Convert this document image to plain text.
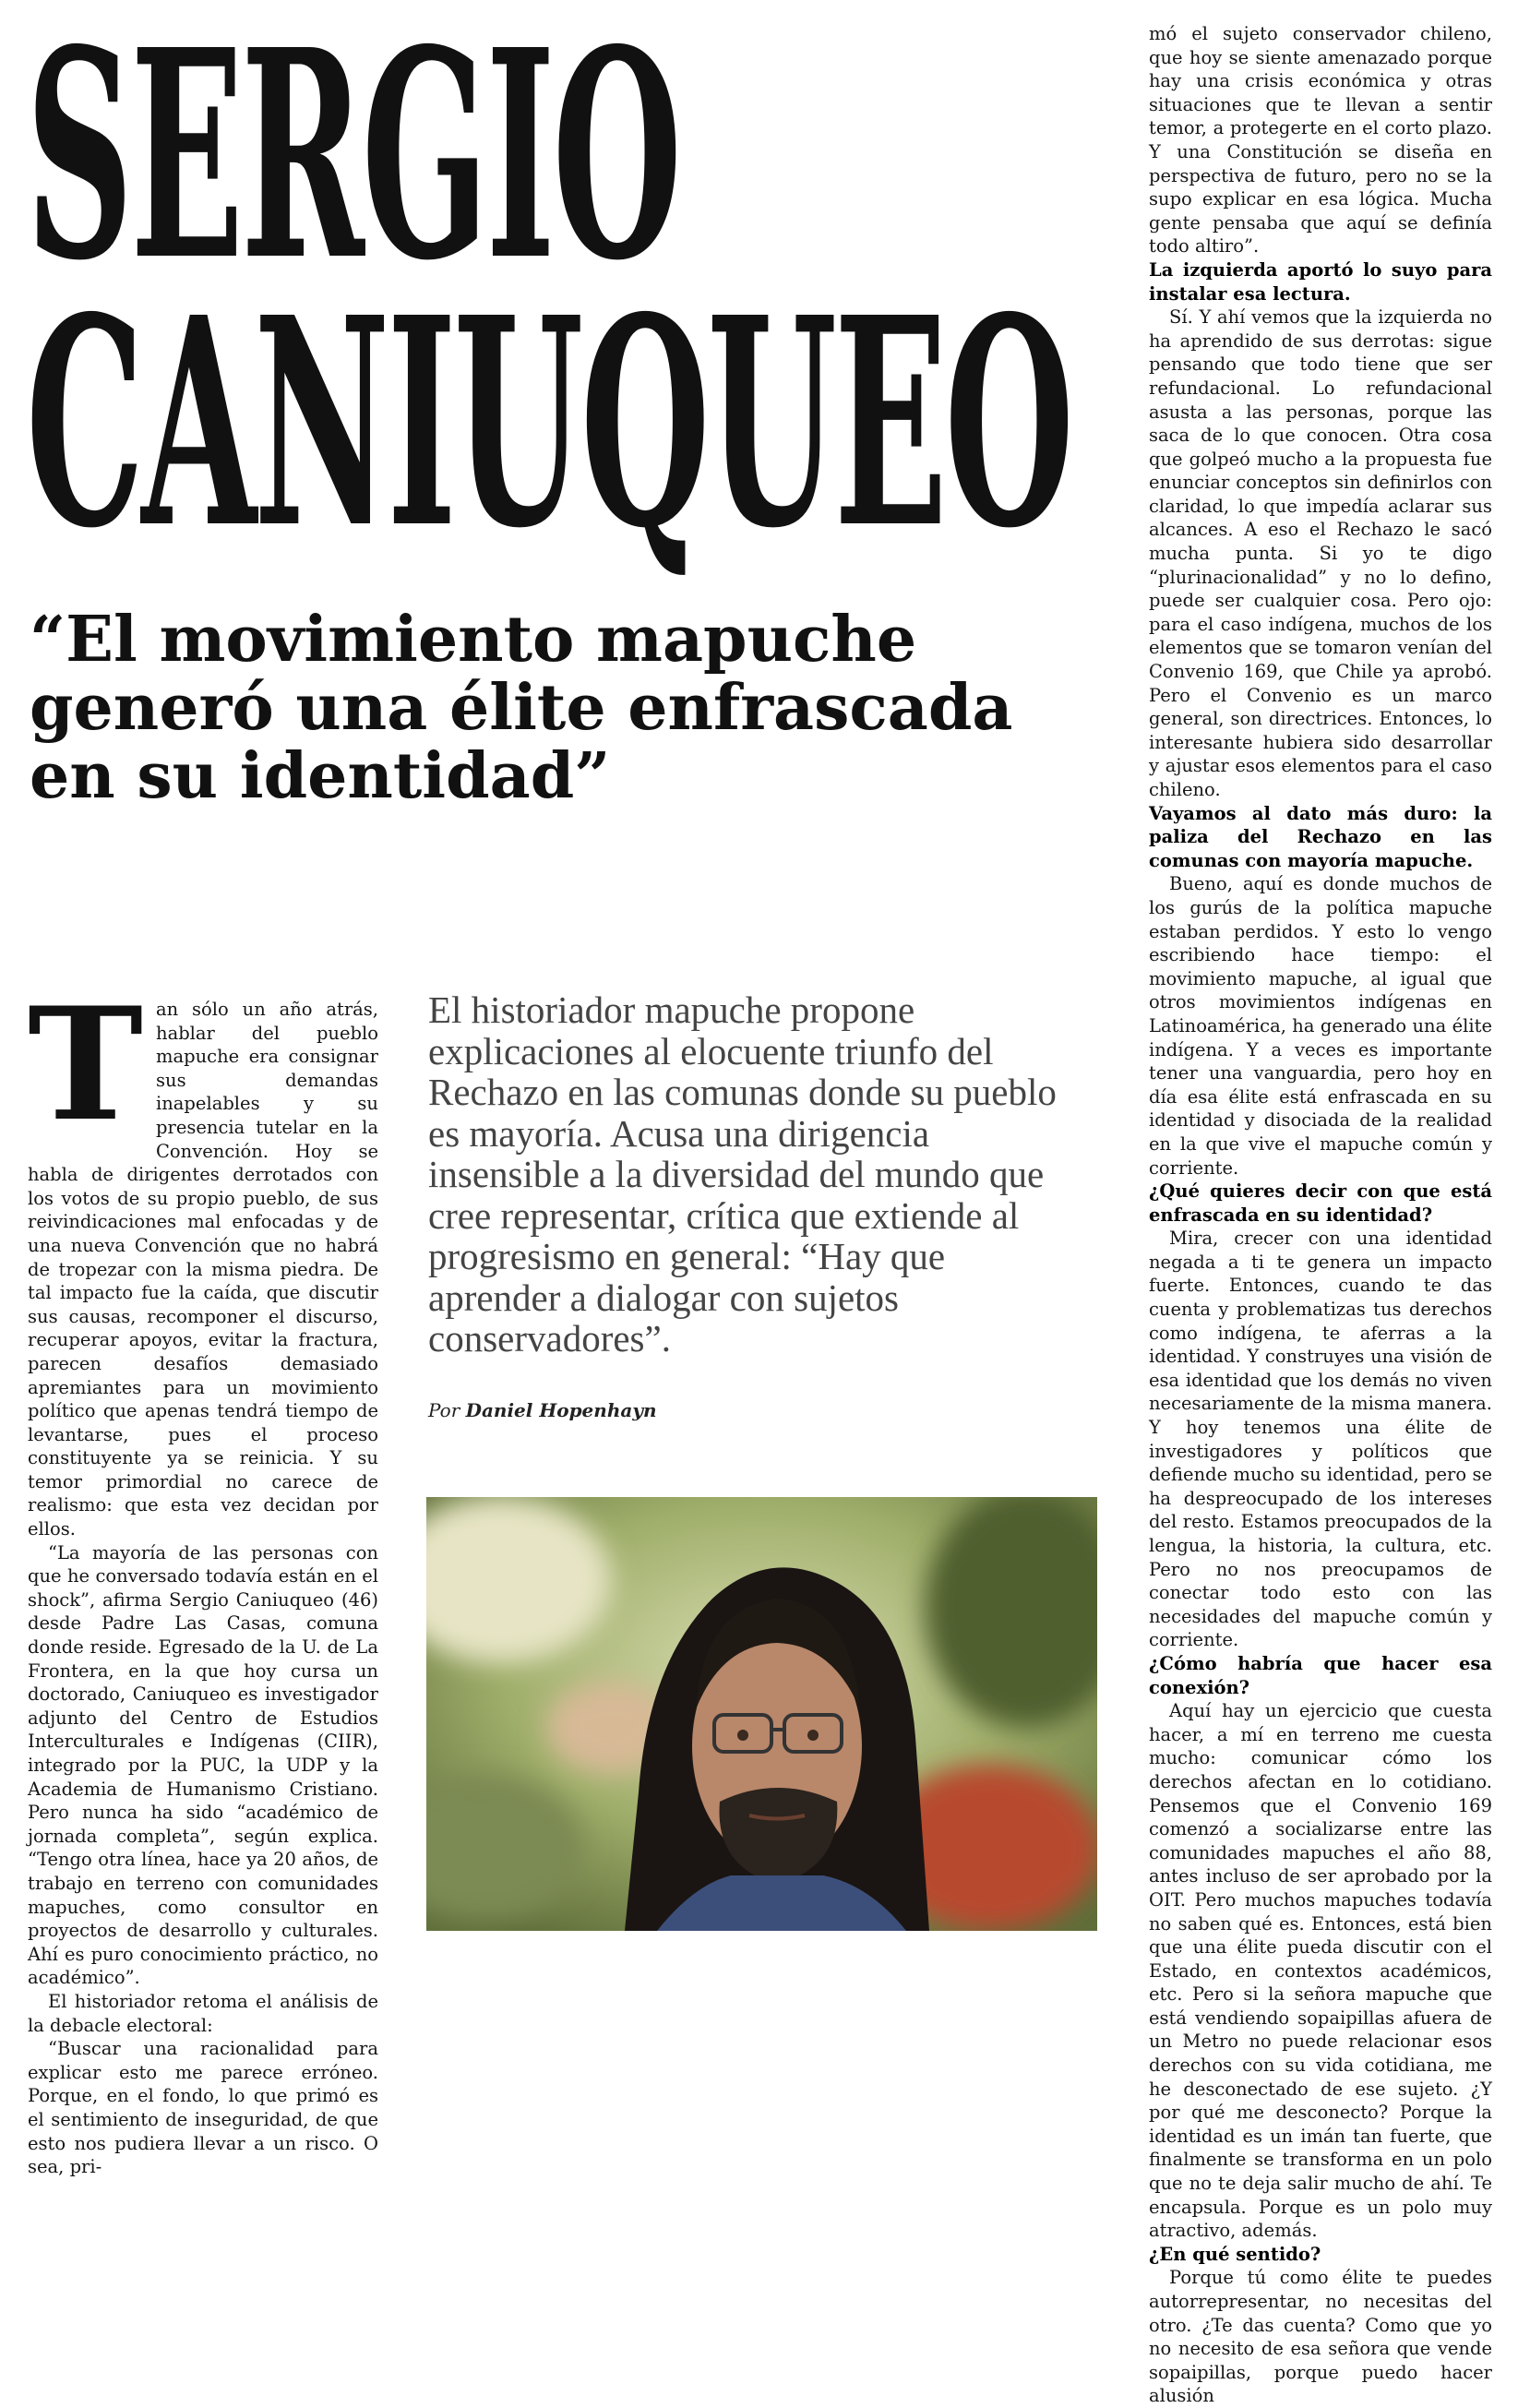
SERGIO
CANIUQUEO
“El movimiento mapuche
generó una élite enfrascada
en su identidad”
T an sólo un año atrás, hablar del pueblo mapuche era consignar sus demandas inapelables y su presencia tutelar en la Convención. Hoy se habla de dirigentes derrotados con los votos de su propio pueblo, de sus reivindicaciones mal enfocadas y de una nueva Convención que no habrá de tropezar con la misma piedra. De tal impacto fue la caída, que discutir sus causas, recomponer el discurso, recuperar apoyos, evitar la fractura, parecen desafíos demasiado apremiantes para un movimiento político que apenas tendrá tiempo de levantarse, pues el proceso constituyente ya se reinicia. Y su temor primordial no carece de realismo: que esta vez decidan por ellos.

“La mayoría de las personas con que he conversado todavía están en el shock”, afirma Sergio Caniuqueo (46) desde Padre Las Casas, comuna donde reside. Egresado de la U. de La Frontera, en la que hoy cursa un doctorado, Caniuqueo es investigador adjunto del Centro de Estudios Interculturales e Indígenas (CIIR), integrado por la PUC, la UDP y la Academia de Humanismo Cristiano. Pero nunca ha sido “académico de jornada completa”, según explica. “Tengo otra línea, hace ya 20 años, de trabajo en terreno con comunidades mapuches, como consultor en proyectos de desarrollo y culturales. Ahí es puro conocimiento práctico, no académico”.

El historiador retoma el análisis de la debacle electoral:

“Buscar una racionalidad para explicar esto me parece erróneo. Porque, en el fondo, lo que primó es el sentimiento de inseguridad, de que esto nos pudiera llevar a un risco. O sea, pri-

El historiador mapuche propone
explicaciones al elocuente triunfo del
Rechazo en las comunas donde su pueblo
es mayoría. Acusa una dirigencia
insensible a la diversidad del mundo que
cree representar, crítica que extiende al
progresismo en general: “Hay que
aprender a dialogar con sujetos
conservadores”.

Por Daniel Hopenhayn

mó el sujeto conservador chileno, que hoy se siente amenazado porque hay una crisis económica y otras situaciones que te llevan a sentir temor, a protegerte en el corto plazo. Y una Constitución se diseña en perspectiva de futuro, pero no se la supo explicar en esa lógica. Mucha gente pensaba que aquí se definía todo altiro”.

La izquierda aportó lo suyo para instalar esa lectura.

Sí. Y ahí vemos que la izquierda no ha aprendido de sus derrotas: sigue pensando que todo tiene que ser refundacional. Lo refundacional asusta a las personas, porque las saca de lo que conocen. Otra cosa que golpeó mucho a la propuesta fue enunciar conceptos sin definirlos con claridad, lo que impedía aclarar sus alcances. A eso el Rechazo le sacó mucha punta. Si yo te digo “plurinacionalidad” y no lo defino, puede ser cualquier cosa. Pero ojo: para el caso indígena, muchos de los elementos que se tomaron venían del Convenio 169, que Chile ya aprobó. Pero el Convenio es un marco general, son directrices. Entonces, lo interesante hubiera sido desarrollar y ajustar esos elementos para el caso chileno.

Vayamos al dato más duro: la paliza del Rechazo en las comunas con mayoría mapuche.

Bueno, aquí es donde muchos de los gurús de la política mapuche estaban perdidos. Y esto lo vengo escribiendo hace tiempo: el movimiento mapuche, al igual que otros movimientos indígenas en Latinoamérica, ha generado una élite indígena. Y a veces es importante tener una vanguardia, pero hoy en día esa élite está enfrascada en su identidad y disociada de la realidad en la que vive el mapuche común y corriente.

¿Qué quieres decir con que está enfrascada en su identidad?

Mira, crecer con una identidad negada a ti te genera un impacto fuerte. Entonces, cuando te das cuenta y problematizas tus derechos como indígena, te aferras a la identidad. Y construyes una visión de esa identidad que los demás no viven necesariamente de la misma manera. Y hoy tenemos una élite de investigadores y políticos que defiende mucho su identidad, pero se ha despreocupado de los intereses del resto. Estamos preocupados de la lengua, la historia, la cultura, etc. Pero no nos preocupamos de conectar todo esto con las necesidades del mapuche común y corriente.

¿Cómo habría que hacer esa conexión?

Aquí hay un ejercicio que cuesta hacer, a mí en terreno me cuesta mucho: comunicar cómo los derechos afectan en lo cotidiano. Pensemos que el Convenio 169 comenzó a socializarse entre las comunidades mapuches el año 88, antes incluso de ser aprobado por la OIT. Pero muchos mapuches todavía no saben qué es. Entonces, está bien que una élite pueda discutir con el Estado, en contextos académicos, etc. Pero si la señora mapuche que está vendiendo sopaipillas afuera de un Metro no puede relacionar esos derechos con su vida cotidiana, me he desconectado de ese sujeto. ¿Y por qué me desconecto? Porque la identidad es un imán tan fuerte, que finalmente se transforma en un polo que no te deja salir mucho de ahí. Te encapsula. Porque es un polo muy atractivo, además.

¿En qué sentido?

Porque tú como élite te puedes autorrepresentar, no necesitas del otro. ¿Te das cuenta? Como que yo no necesito de esa señora que vende sopaipillas, porque puedo hacer alusión
